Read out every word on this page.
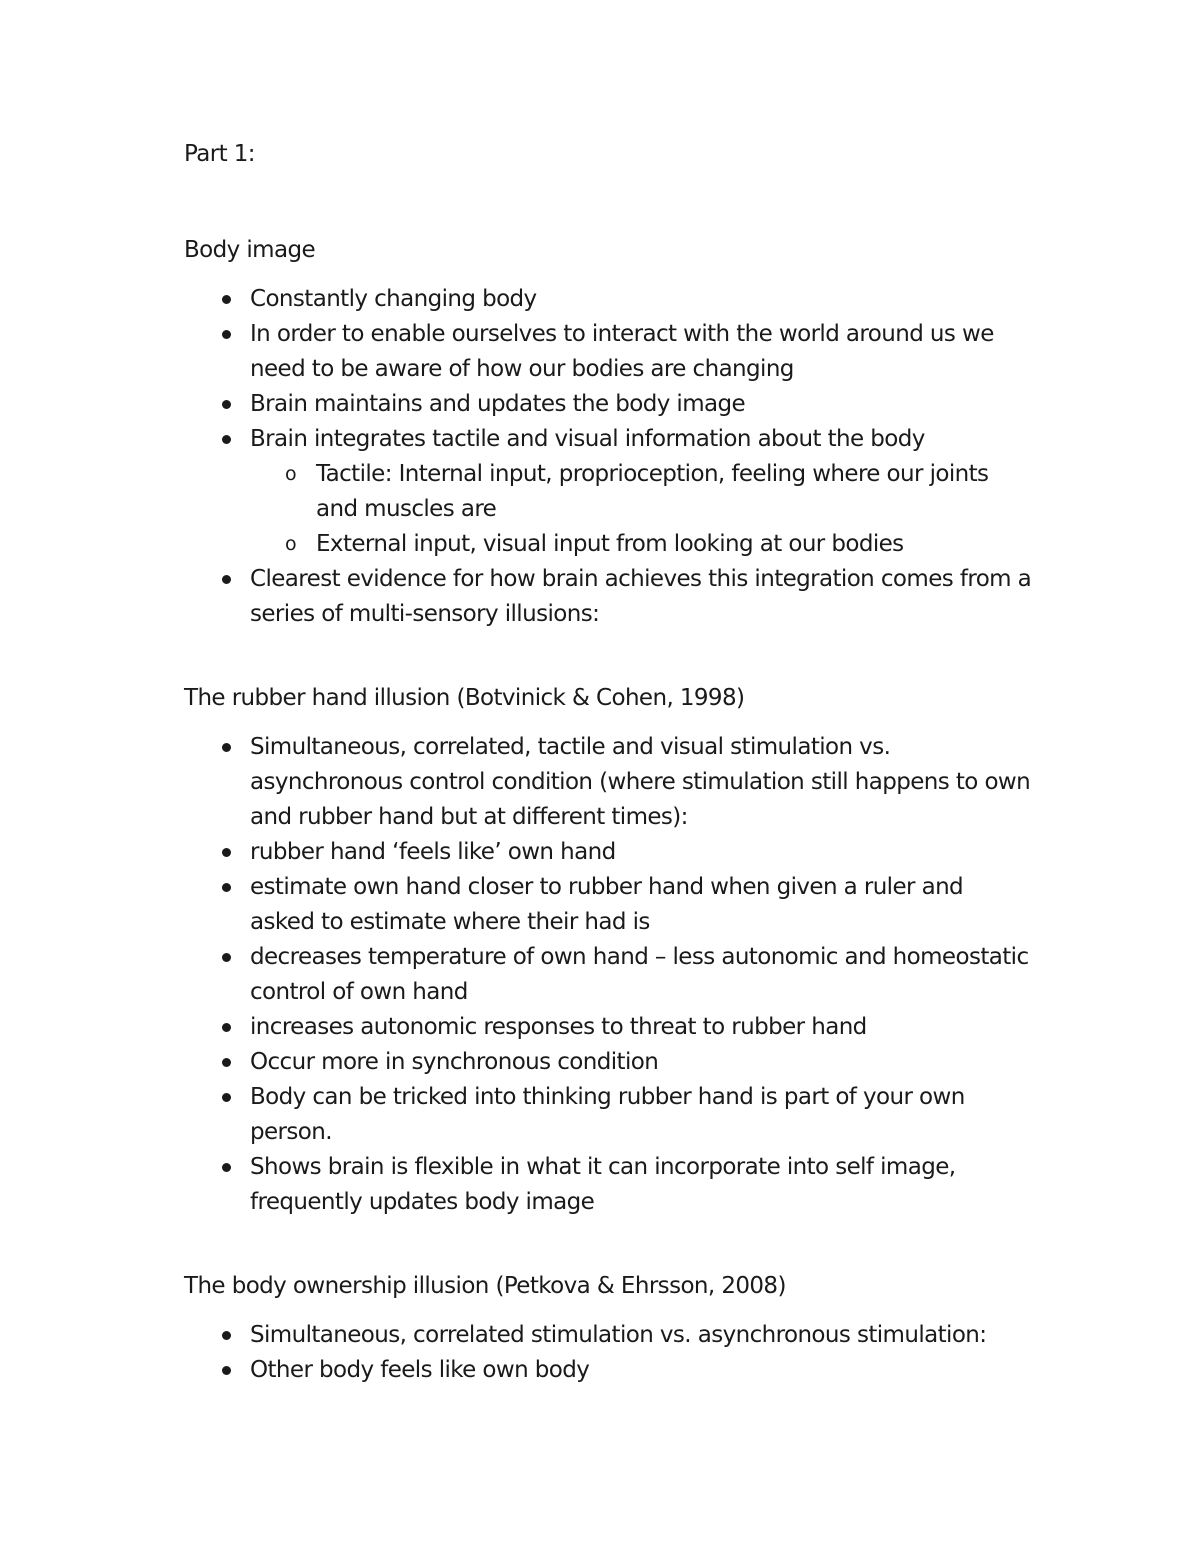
Part 1:

Body image

Constantly changing body
In order to enable ourselves to interact with the world around us we need to be aware of how our bodies are changing
Brain maintains and updates the body image
Brain integrates tactile and visual information about the body
o Tactile: Internal input, proprioception, feeling where our joints and muscles are
o External input, visual input from looking at our bodies
Clearest evidence for how brain achieves this integration comes from a series of multi-sensory illusions:

The rubber hand illusion (Botvinick & Cohen, 1998)

Simultaneous, correlated, tactile and visual stimulation vs. asynchronous control condition (where stimulation still happens to own and rubber hand but at different times):
rubber hand ‘feels like’ own hand
estimate own hand closer to rubber hand when given a ruler and asked to estimate where their had is
decreases temperature of own hand – less autonomic and homeostatic control of own hand
increases autonomic responses to threat to rubber hand
Occur more in synchronous condition
Body can be tricked into thinking rubber hand is part of your own person.
Shows brain is flexible in what it can incorporate into self image, frequently updates body image

The body ownership illusion (Petkova & Ehrsson, 2008)

Simultaneous, correlated stimulation vs. asynchronous stimulation:
Other body feels like own body
